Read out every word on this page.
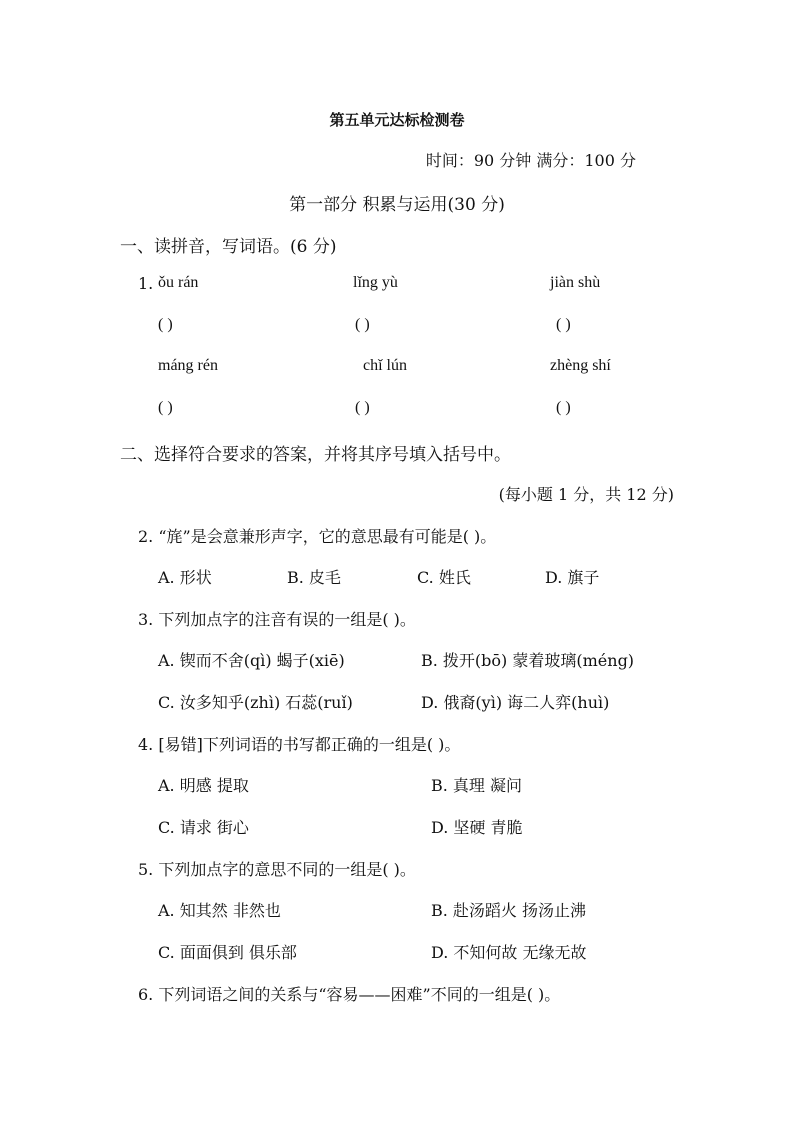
第五单元达标检测卷
时间：90 分钟 满分：100 分
第一部分 积累与运用(30 分)
一、读拼音，写词语。(6 分)
1. ǒu rán	lǐng yù	jiàn shù
( )	( )	( )
máng rén	chǐ lún	zhèng shí
( )	( )	( )
二、选择符合要求的答案，并将其序号填入括号中。
(每小题 1 分，共 12 分)
2. “旄”是会意兼形声字，它的意思最有可能是( )。
A. 形状	B. 皮毛	C. 姓氏	D. 旗子
3. 下列加点字的注音有误的一组是( )。
A. 锲而不舍(qì) 蝎子(xiē)	B. 拨开(bō) 蒙着玻璃(méng)
C. 汝多知乎(zhì) 石蕊(ruǐ)	D. 俄裔(yì) 诲二人弈(huì)
4. [易错]下列词语的书写都正确的一组是( )。
A. 明感 提取	B. 真理 凝问
C. 请求 街心	D. 坚硬 青脆
5. 下列加点字的意思不同的一组是( )。
A. 知其然 非然也	B. 赴汤蹈火 扬汤止沸
C. 面面俱到 俱乐部	D. 不知何故 无缘无故
6. 下列词语之间的关系与“容易——困难”不同的一组是( )。
